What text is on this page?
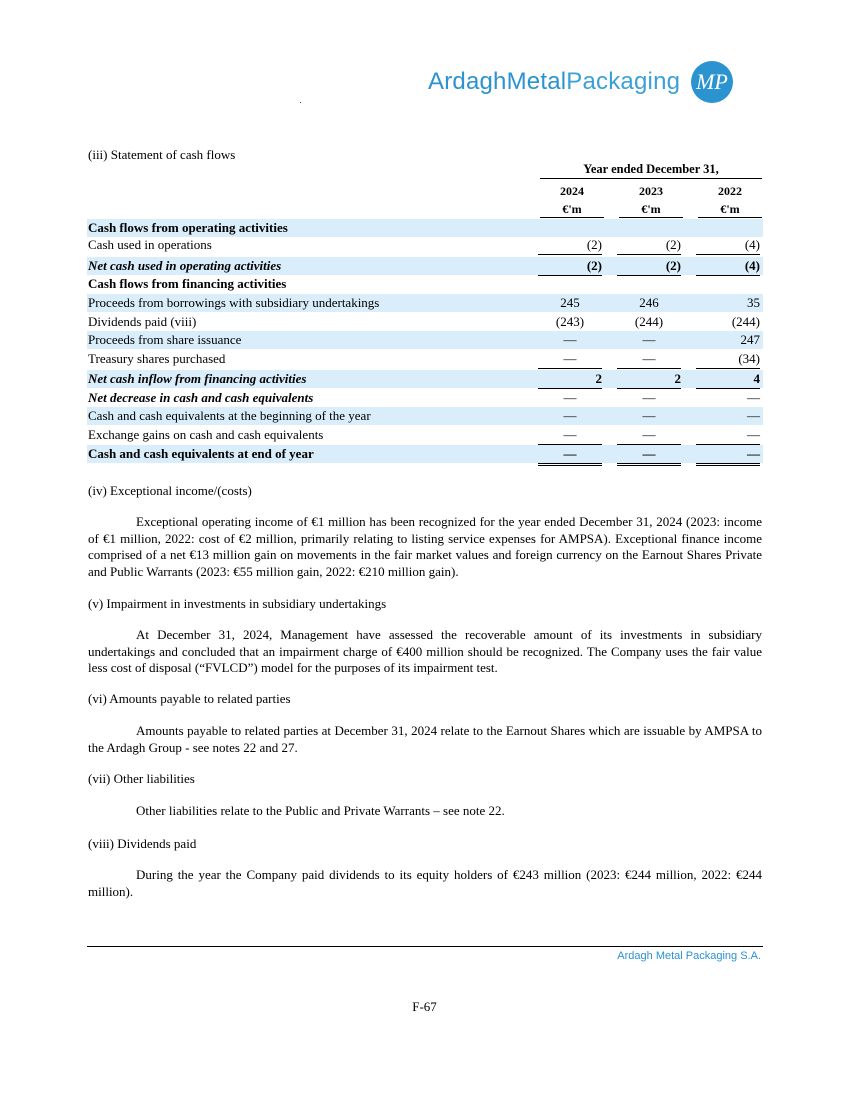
ArdaghMetalPackaging MP
(iii) Statement of cash flows
Year ended December 31,
2024	2023	2022
€'m	€'m	€'m
Cash flows from operating activities
Cash used in operations	(2)	(2)	(4)
Net cash used in operating activities	(2)	(2)	(4)
Cash flows from financing activities
Proceeds from borrowings with subsidiary undertakings	245	246	35
Dividends paid (viii)	(243)	(244)	(244)
Proceeds from share issuance	—	—	247
Treasury shares purchased	—	—	(34)
Net cash inflow from financing activities	2	2	4
Net decrease in cash and cash equivalents	—	—	—
Cash and cash equivalents at the beginning of the year	—	—	—
Exchange gains on cash and cash equivalents	—	—	—
Cash and cash equivalents at end of year	—	—	—
(iv) Exceptional income/(costs)
Exceptional operating income of €1 million has been recognized for the year ended December 31, 2024 (2023: income of €1 million, 2022: cost of €2 million, primarily relating to listing service expenses for AMPSA). Exceptional finance income comprised of a net €13 million gain on movements in the fair market values and foreign currency on the Earnout Shares Private and Public Warrants (2023: €55 million gain, 2022: €210 million gain).
(v) Impairment in investments in subsidiary undertakings
At December 31, 2024, Management have assessed the recoverable amount of its investments in subsidiary undertakings and concluded that an impairment charge of €400 million should be recognized. The Company uses the fair value less cost of disposal (“FVLCD”) model for the purposes of its impairment test.
(vi) Amounts payable to related parties
Amounts payable to related parties at December 31, 2024 relate to the Earnout Shares which are issuable by AMPSA to the Ardagh Group - see notes 22 and 27.
(vii) Other liabilities
Other liabilities relate to the Public and Private Warrants – see note 22.
(viii) Dividends paid
During the year the Company paid dividends to its equity holders of €243 million (2023: €244 million, 2022: €244 million).
Ardagh Metal Packaging S.A.
F-67
